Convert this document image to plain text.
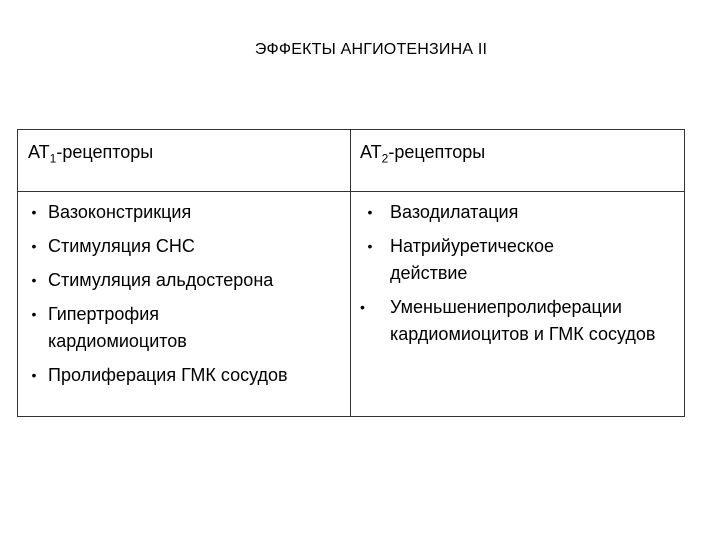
ЭФФЕКТЫ АНГИОТЕНЗИНА II
$AT_1$-рецепторы	$AT_2$-рецепторы
• Вазоконстрикция
• Стимуляция СНС
• Стимуляция альдостерона
• Гипертрофия кардиомиоцитов
• Пролиферация ГМК сосудов
• Вазодилатация
• Натрийуретическое действие
•	Уменьшениепролиферации кардиомиоцитов и ГМК сосудов
